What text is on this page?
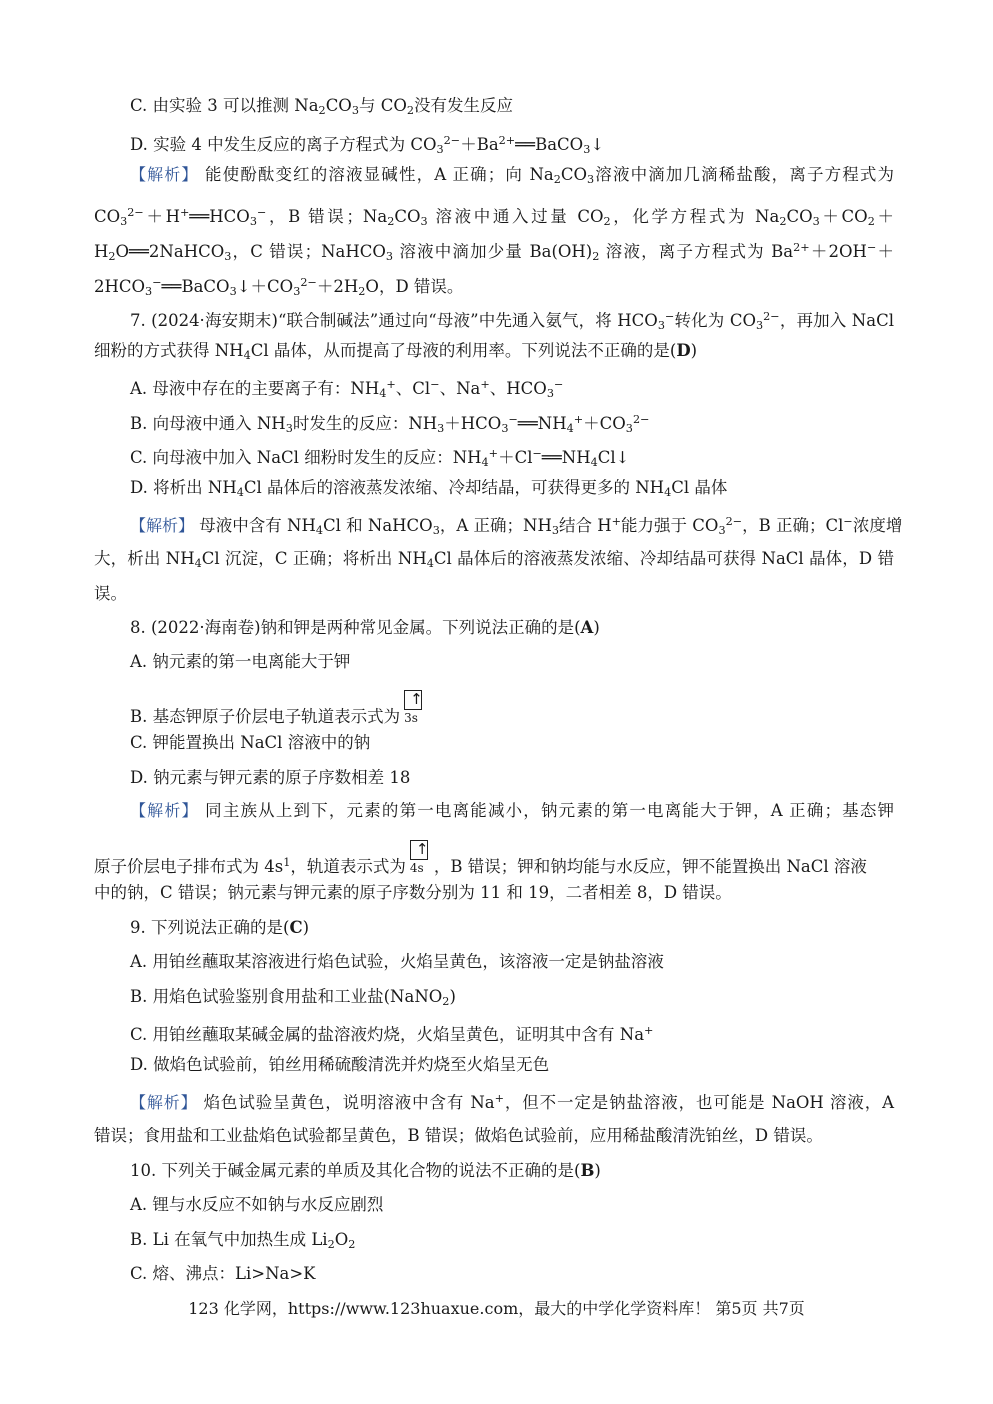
C. 由实验 3 可以推测 $Na_2CO_3$与 $CO_2$没有发生反应
D. 实验 4 中发生反应的离子方程式为 $CO_3^{2-}+Ba^{2+}══BaCO_3↓$
【解析】 能使酚酞变红的溶液显碱性，A 正确；向 $Na_2CO_3$溶液中滴加几滴稀盐酸，离子方程式为
$CO_3^{2-}+H^+══HCO_3^-$，B 错误；$Na_2CO_3$ 溶液中通入过量 $CO_2$，化学方程式为 $Na_2CO_3+CO_2+$
$H_2O══2NaHCO_3$，C 错误；NaHCO$_3$ 溶液中滴加少量 $Ba(OH)_2$ 溶液，离子方程式为 $Ba^{2+}+2OH^-+$
$2HCO_3^-══BaCO_3↓+CO_3^{2-}+2H_2O$，D 错误。
7. (2024·海安期末)“联合制碱法”通过向“母液”中先通入氨气，将 $HCO_3^-$转化为 $CO_3^{2-}$，再加入 NaCl
细粉的方式获得 $NH_4Cl$ 晶体，从而提高了母液的利用率。下列说法不正确的是(D)
A. 母液中存在的主要离子有：$NH_4^+$、Cl−、Na+、$HCO_3^-$
B. 向母液中通入 $NH_3$时发生的反应：$NH_3+HCO_3^-══NH_4^++CO_3^{2-}$
C. 向母液中加入 NaCl 细粉时发生的反应：$NH_4^++Cl^-══NH_4Cl↓$
D. 将析出 $NH_4Cl$ 晶体后的溶液蒸发浓缩、冷却结晶，可获得更多的 $NH_4Cl$ 晶体
【解析】 母液中含有 $NH_4Cl$ 和 NaHCO$_3$，A 正确；$NH_3$结合 H+能力强于 $CO_3^{2-}$，B 正确；Cl−浓度增
大，析出 $NH_4Cl$ 沉淀，C 正确；将析出 $NH_4Cl$ 晶体后的溶液蒸发浓缩、冷却结晶可获得 NaCl 晶体，D 错
误。
8. (2022·海南卷)钠和钾是两种常见金属。下列说法正确的是(A)
A. 钠元素的第一电离能大于钾
B. 基态钾原子价层电子轨道表示式为
↑
3s
C. 钾能置换出 NaCl 溶液中的钠
D. 钠元素与钾元素的原子序数相差 18
【解析】 同主族从上到下，元素的第一电离能减小，钠元素的第一电离能大于钾，A 正确；基态钾
原子价层电子排布式为 $4s^1$，轨道表示式为
↑
4s ，B 错误；钾和钠均能与水反应，钾不能置换出 NaCl 溶液
中的钠，C 错误；钠元素与钾元素的原子序数分别为 11 和 19，二者相差 8，D 错误。
9. 下列说法正确的是(C)
A. 用铂丝蘸取某溶液进行焰色试验，火焰呈黄色，该溶液一定是钠盐溶液
B. 用焰色试验鉴别食用盐和工业盐(NaNO$_2$)
C. 用铂丝蘸取某碱金属的盐溶液灼烧，火焰呈黄色，证明其中含有 Na+
D. 做焰色试验前，铂丝用稀硫酸清洗并灼烧至火焰呈无色
【解析】 焰色试验呈黄色，说明溶液中含有 Na+，但不一定是钠盐溶液，也可能是 NaOH 溶液，A
错误；食用盐和工业盐焰色试验都呈黄色，B 错误；做焰色试验前，应用稀盐酸清洗铂丝，D 错误。
10. 下列关于碱金属元素的单质及其化合物的说法不正确的是(B)
A. 锂与水反应不如钠与水反应剧烈
B. Li 在氧气中加热生成 $Li_2O_2$
C. 熔、沸点：Li>Na>K
123 化学网，https://www.123huaxue.com，最大的中学化学资料库！ 第5页 共7页
